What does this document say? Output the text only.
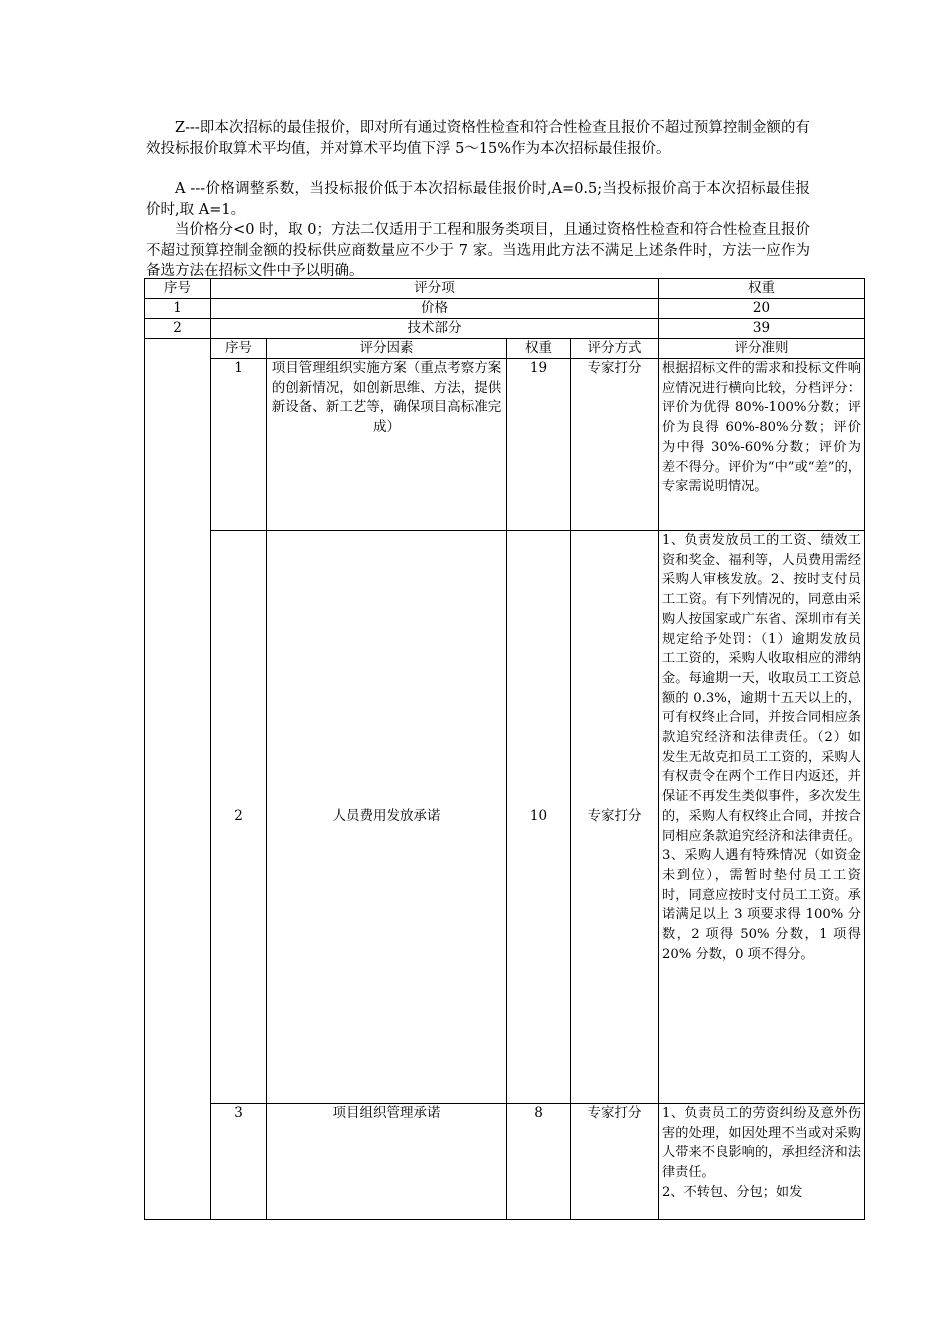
Z---即本次招标的最佳报价，即对所有通过资格性检查和符合性检查且报价不超过预算控制金额的有效投标报价取算术平均值，并对算术平均值下浮 5～15%作为本次招标最佳报价。

A ---价格调整系数，当投标报价低于本次招标最佳报价时,A=0.5;当投标报价高于本次招标最佳报价时,取 A=1。

当价格分<0 时，取 0；方法二仅适用于工程和服务类项目，且通过资格性检查和符合性检查且报价不超过预算控制金额的投标供应商数量应不少于 7 家。当选用此方法不满足上述条件时，方法一应作为备选方法在招标文件中予以明确。

序号	评分项				权重
1	价格				20
2	技术部分				39
	序号	评分因素	权重	评分方式	评分准则
	1	项目管理组织实施方案（重点考察方案的创新情况，如创新思维、方法，提供新设备、新工艺等，确保项目高标准完成）	19	专家打分	根据招标文件的需求和投标文件响应情况进行横向比较，分档评分：评价为优得 80%-100%分数；评价为良得 60%-80%分数；评价为中得 30%-60%分数；评价为差不得分。评价为“中”或“差”的，专家需说明情况。
	2	人员费用发放承诺	10	专家打分	1、负责发放员工的工资、绩效工资和奖金、福利等，人员费用需经采购人审核发放。2、按时支付员工工资。有下列情况的，同意由采购人按国家或广东省、深圳市有关规定给予处罚：（1）逾期发放员工工资的，采购人收取相应的滞纳金。每逾期一天，收取员工工资总额的 0.3%，逾期十五天以上的，可有权终止合同，并按合同相应条款追究经济和法律责任。（2）如发生无故克扣员工工资的，采购人有权责令在两个工作日内返还，并保证不再发生类似事件，多次发生的，采购人有权终止合同，并按合同相应条款追究经济和法律责任。3、采购人遇有特殊情况（如资金未到位），需暂时垫付员工工资时，同意应按时支付员工工资。承诺满足以上 3 项要求得 100% 分数，2 项得 50% 分数，1 项得 20% 分数，0 项不得分。
	3	项目组织管理承诺	8	专家打分	1、负责员工的劳资纠纷及意外伤害的处理，如因处理不当或对采购人带来不良影响的，承担经济和法律责任。
2、不转包、分包；如发
